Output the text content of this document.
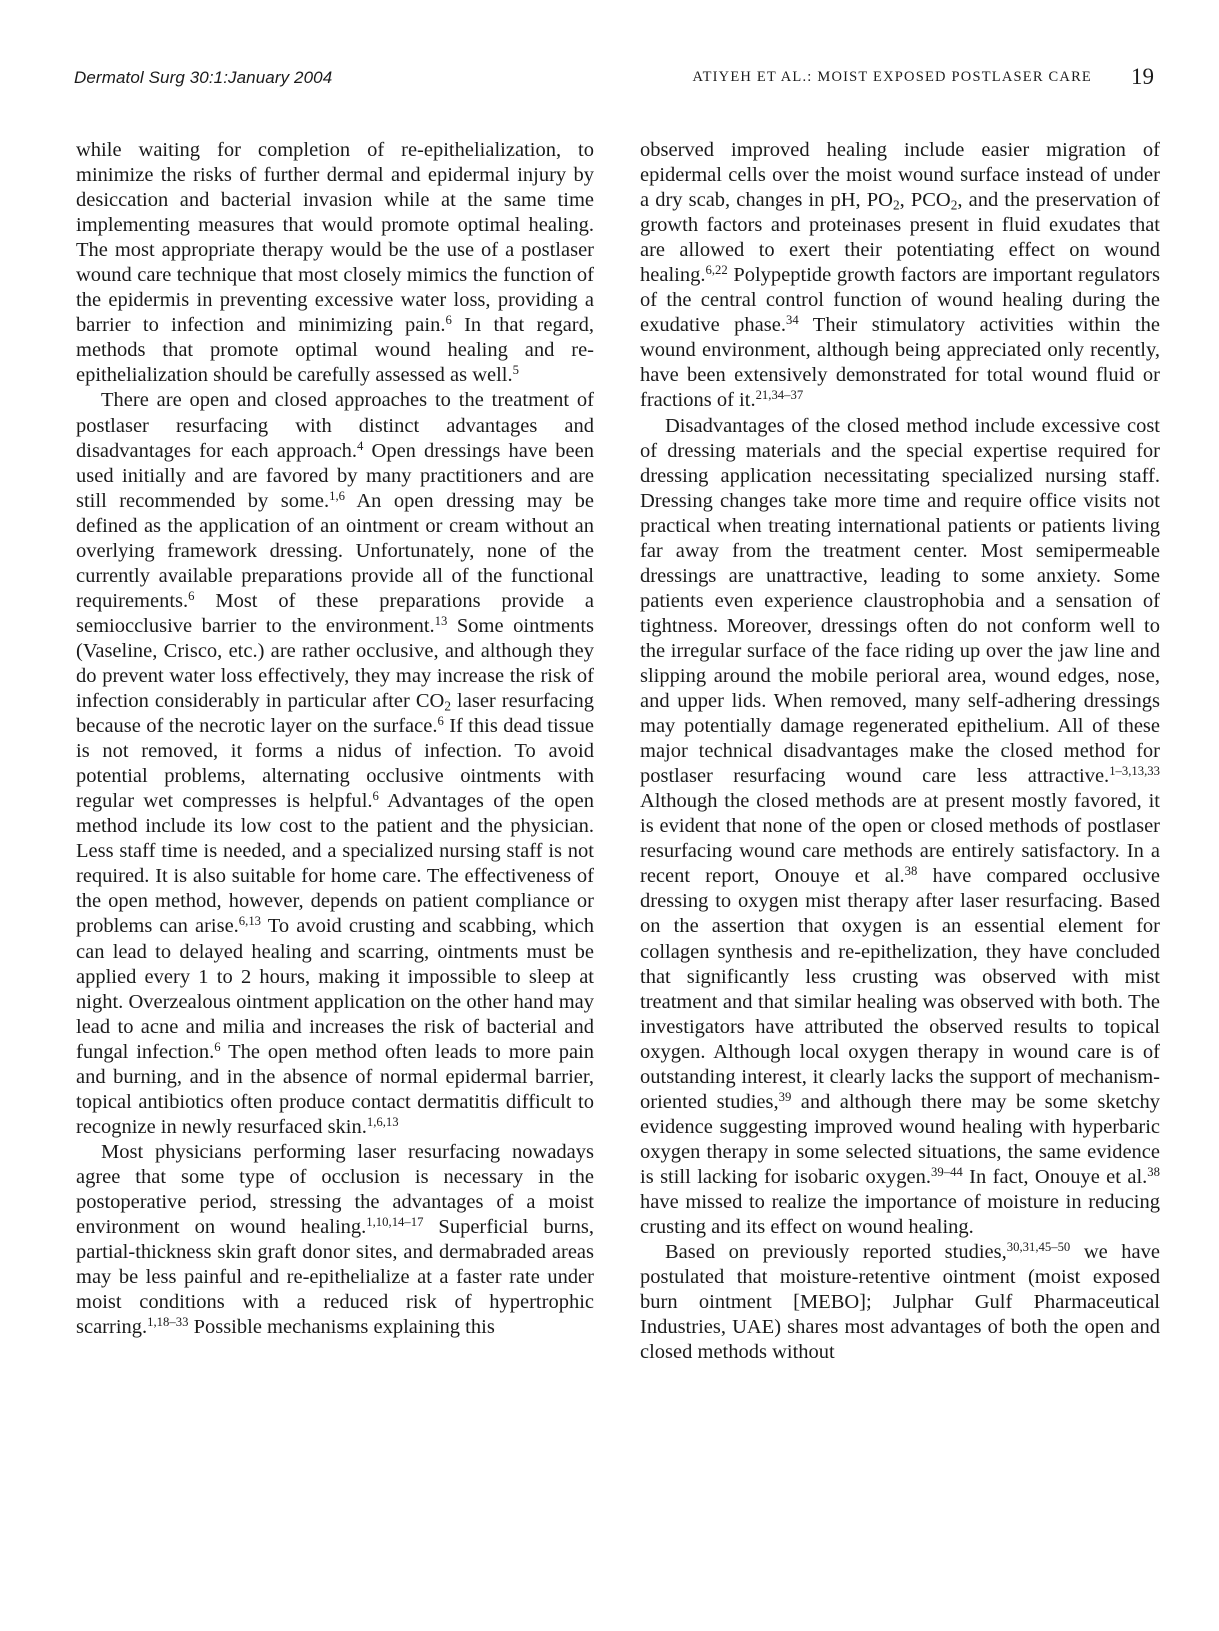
Dermatol Surg 30:1:January 2004	ATIYEH ET AL.: MOIST EXPOSED POSTLASER CARE 19

while waiting for completion of re-epithelialization, to minimize the risks of further dermal and epidermal injury by desiccation and bacterial invasion while at the same time implementing measures that would promote optimal healing. The most appropriate therapy would be the use of a postlaser wound care technique that most closely mimics the function of the epidermis in preventing excessive water loss, providing a barrier to infection and minimizing pain.$^6$ In that regard, methods that promote optimal wound healing and re-epithelialization should be carefully assessed as well.$^5$

There are open and closed approaches to the treatment of postlaser resurfacing with distinct advantages and disadvantages for each approach.$^4$ Open dressings have been used initially and are favored by many practitioners and are still recommended by some.$^{1,6}$ An open dressing may be defined as the application of an ointment or cream without an overlying framework dressing. Unfortunately, none of the currently available preparations provide all of the functional requirements.$^6$ Most of these preparations provide a semiocclusive barrier to the environment.$^{13}$ Some ointments (Vaseline, Crisco, etc.) are rather occlusive, and although they do prevent water loss effectively, they may increase the risk of infection considerably in particular after $CO_2$ laser resurfacing because of the necrotic layer on the surface.$^6$ If this dead tissue is not removed, it forms a nidus of infection. To avoid potential problems, alternating occlusive ointments with regular wet compresses is helpful.$^6$ Advantages of the open method include its low cost to the patient and the physician. Less staff time is needed, and a specialized nursing staff is not required. It is also suitable for home care. The effectiveness of the open method, however, depends on patient compliance or problems can arise.$^{6,13}$ To avoid crusting and scabbing, which can lead to delayed healing and scarring, ointments must be applied every 1 to 2 hours, making it impossible to sleep at night. Overzealous ointment application on the other hand may lead to acne and milia and increases the risk of bacterial and fungal infection.$^6$ The open method often leads to more pain and burning, and in the absence of normal epidermal barrier, topical antibiotics often produce contact dermatitis difficult to recognize in newly resurfaced skin.$^{1,6,13}$

Most physicians performing laser resurfacing nowadays agree that some type of occlusion is necessary in the postoperative period, stressing the advantages of a moist environment on wound healing.$^{1,10,14-17}$ Superficial burns, partial-thickness skin graft donor sites, and dermabraded areas may be less painful and re-epithelialize at a faster rate under moist conditions with a reduced risk of hypertrophic scarring.$^{1,18-33}$ Possible mechanisms explaining this

observed improved healing include easier migration of epidermal cells over the moist wound surface instead of under a dry scab, changes in pH, $PO_2$, $PCO_2$, and the preservation of growth factors and proteinases present in fluid exudates that are allowed to exert their potentiating effect on wound healing.$^{6,22}$ Polypeptide growth factors are important regulators of the central control function of wound healing during the exudative phase.$^{34}$ Their stimulatory activities within the wound environment, although being appreciated only recently, have been extensively demonstrated for total wound fluid or fractions of it.$^{21,34-37}$

Disadvantages of the closed method include excessive cost of dressing materials and the special expertise required for dressing application necessitating specialized nursing staff. Dressing changes take more time and require office visits not practical when treating international patients or patients living far away from the treatment center. Most semipermeable dressings are unattractive, leading to some anxiety. Some patients even experience claustrophobia and a sensation of tightness. Moreover, dressings often do not conform well to the irregular surface of the face riding up over the jaw line and slipping around the mobile perioral area, wound edges, nose, and upper lids. When removed, many self-adhering dressings may potentially damage regenerated epithelium. All of these major technical disadvantages make the closed method for postlaser resurfacing wound care less attractive.$^{1-3,13,33}$ Although the closed methods are at present mostly favored, it is evident that none of the open or closed methods of postlaser resurfacing wound care methods are entirely satisfactory. In a recent report, Onouye et al.$^{38}$ have compared occlusive dressing to oxygen mist therapy after laser resurfacing. Based on the assertion that oxygen is an essential element for collagen synthesis and re-epithelization, they have concluded that significantly less crusting was observed with mist treatment and that similar healing was observed with both. The investigators have attributed the observed results to topical oxygen. Although local oxygen therapy in wound care is of outstanding interest, it clearly lacks the support of mechanism-oriented studies,$^{39}$ and although there may be some sketchy evidence suggesting improved wound healing with hyperbaric oxygen therapy in some selected situations, the same evidence is still lacking for isobaric oxygen.$^{39-44}$ In fact, Onouye et al.$^{38}$ have missed to realize the importance of moisture in reducing crusting and its effect on wound healing.

Based on previously reported studies,$^{30,31,45-50}$ we have postulated that moisture-retentive ointment (moist exposed burn ointment [MEBO]; Julphar Gulf Pharmaceutical Industries, UAE) shares most advantages of both the open and closed methods without
